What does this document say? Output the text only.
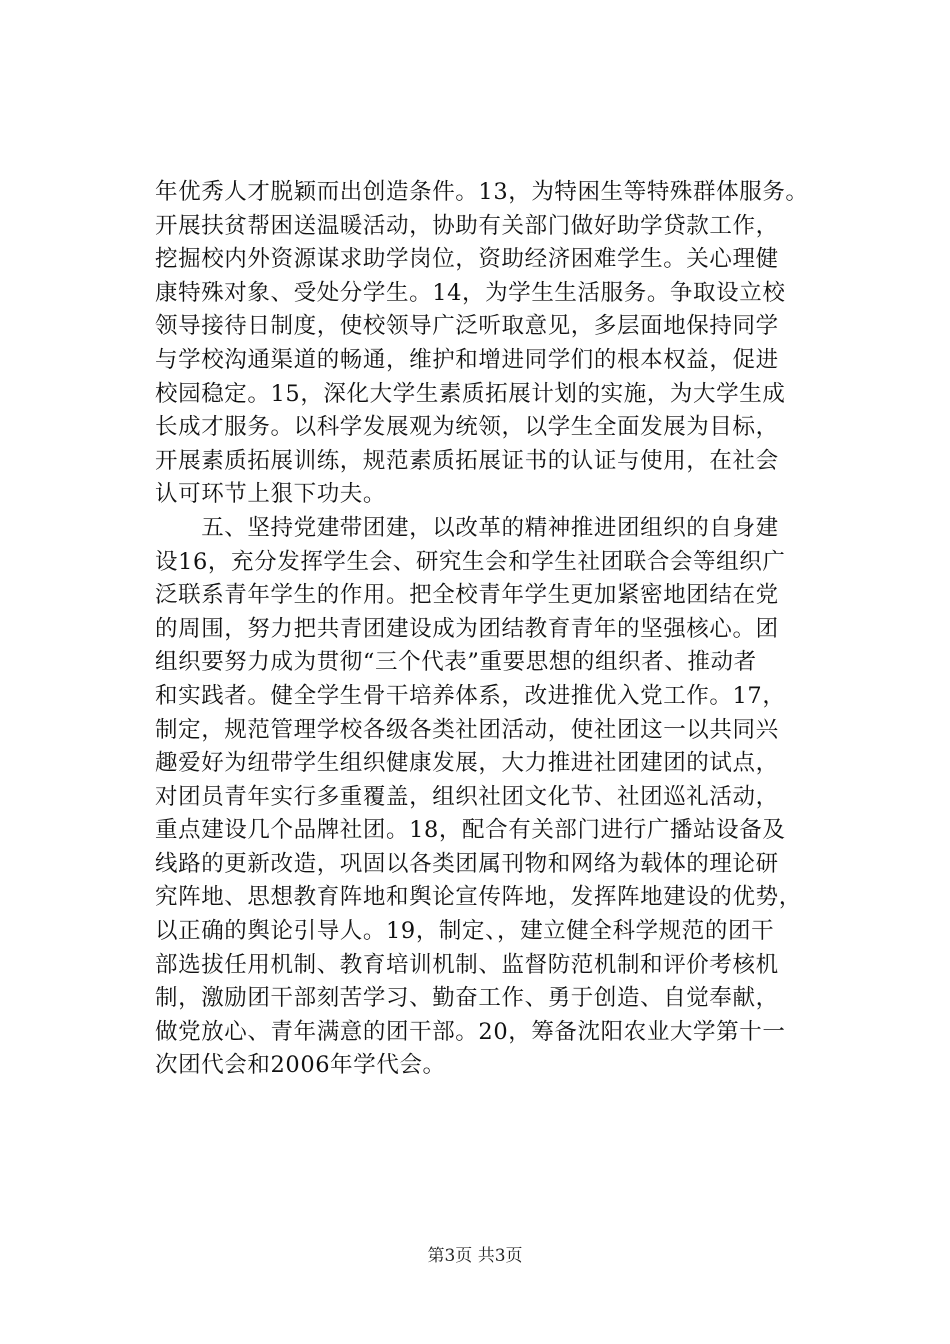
年优秀人才脱颖而出创造条件。13，为特困生等特殊群体服务。
开展扶贫帮困送温暖活动，协助有关部门做好助学贷款工作，
挖掘校内外资源谋求助学岗位，资助经济困难学生。关心理健
康特殊对象、受处分学生。14，为学生生活服务。争取设立校
领导接待日制度，使校领导广泛听取意见，多层面地保持同学
与学校沟通渠道的畅通，维护和增进同学们的根本权益，促进
校园稳定。15，深化大学生素质拓展计划的实施，为大学生成
长成才服务。以科学发展观为统领，以学生全面发展为目标，
开展素质拓展训练，规范素质拓展证书的认证与使用，在社会
认可环节上狠下功夫。
　　五、坚持党建带团建，以改革的精神推进团组织的自身建
设16，充分发挥学生会、研究生会和学生社团联合会等组织广
泛联系青年学生的作用。把全校青年学生更加紧密地团结在党
的周围，努力把共青团建设成为团结教育青年的坚强核心。团
组织要努力成为贯彻“三个代表”重要思想的组织者、推动者
和实践者。健全学生骨干培养体系，改进推优入党工作。17，
制定，规范管理学校各级各类社团活动，使社团这一以共同兴
趣爱好为纽带学生组织健康发展，大力推进社团建团的试点，
对团员青年实行多重覆盖，组织社团文化节、社团巡礼活动，
重点建设几个品牌社团。18，配合有关部门进行广播站设备及
线路的更新改造，巩固以各类团属刊物和网络为载体的理论研
究阵地、思想教育阵地和舆论宣传阵地，发挥阵地建设的优势，
以正确的舆论引导人。19，制定、，建立健全科学规范的团干
部选拔任用机制、教育培训机制、监督防范机制和评价考核机
制，激励团干部刻苦学习、勤奋工作、勇于创造、自觉奉献，
做党放心、青年满意的团干部。20，筹备沈阳农业大学第十一
次团代会和2006年学代会。
第3页 共3页
